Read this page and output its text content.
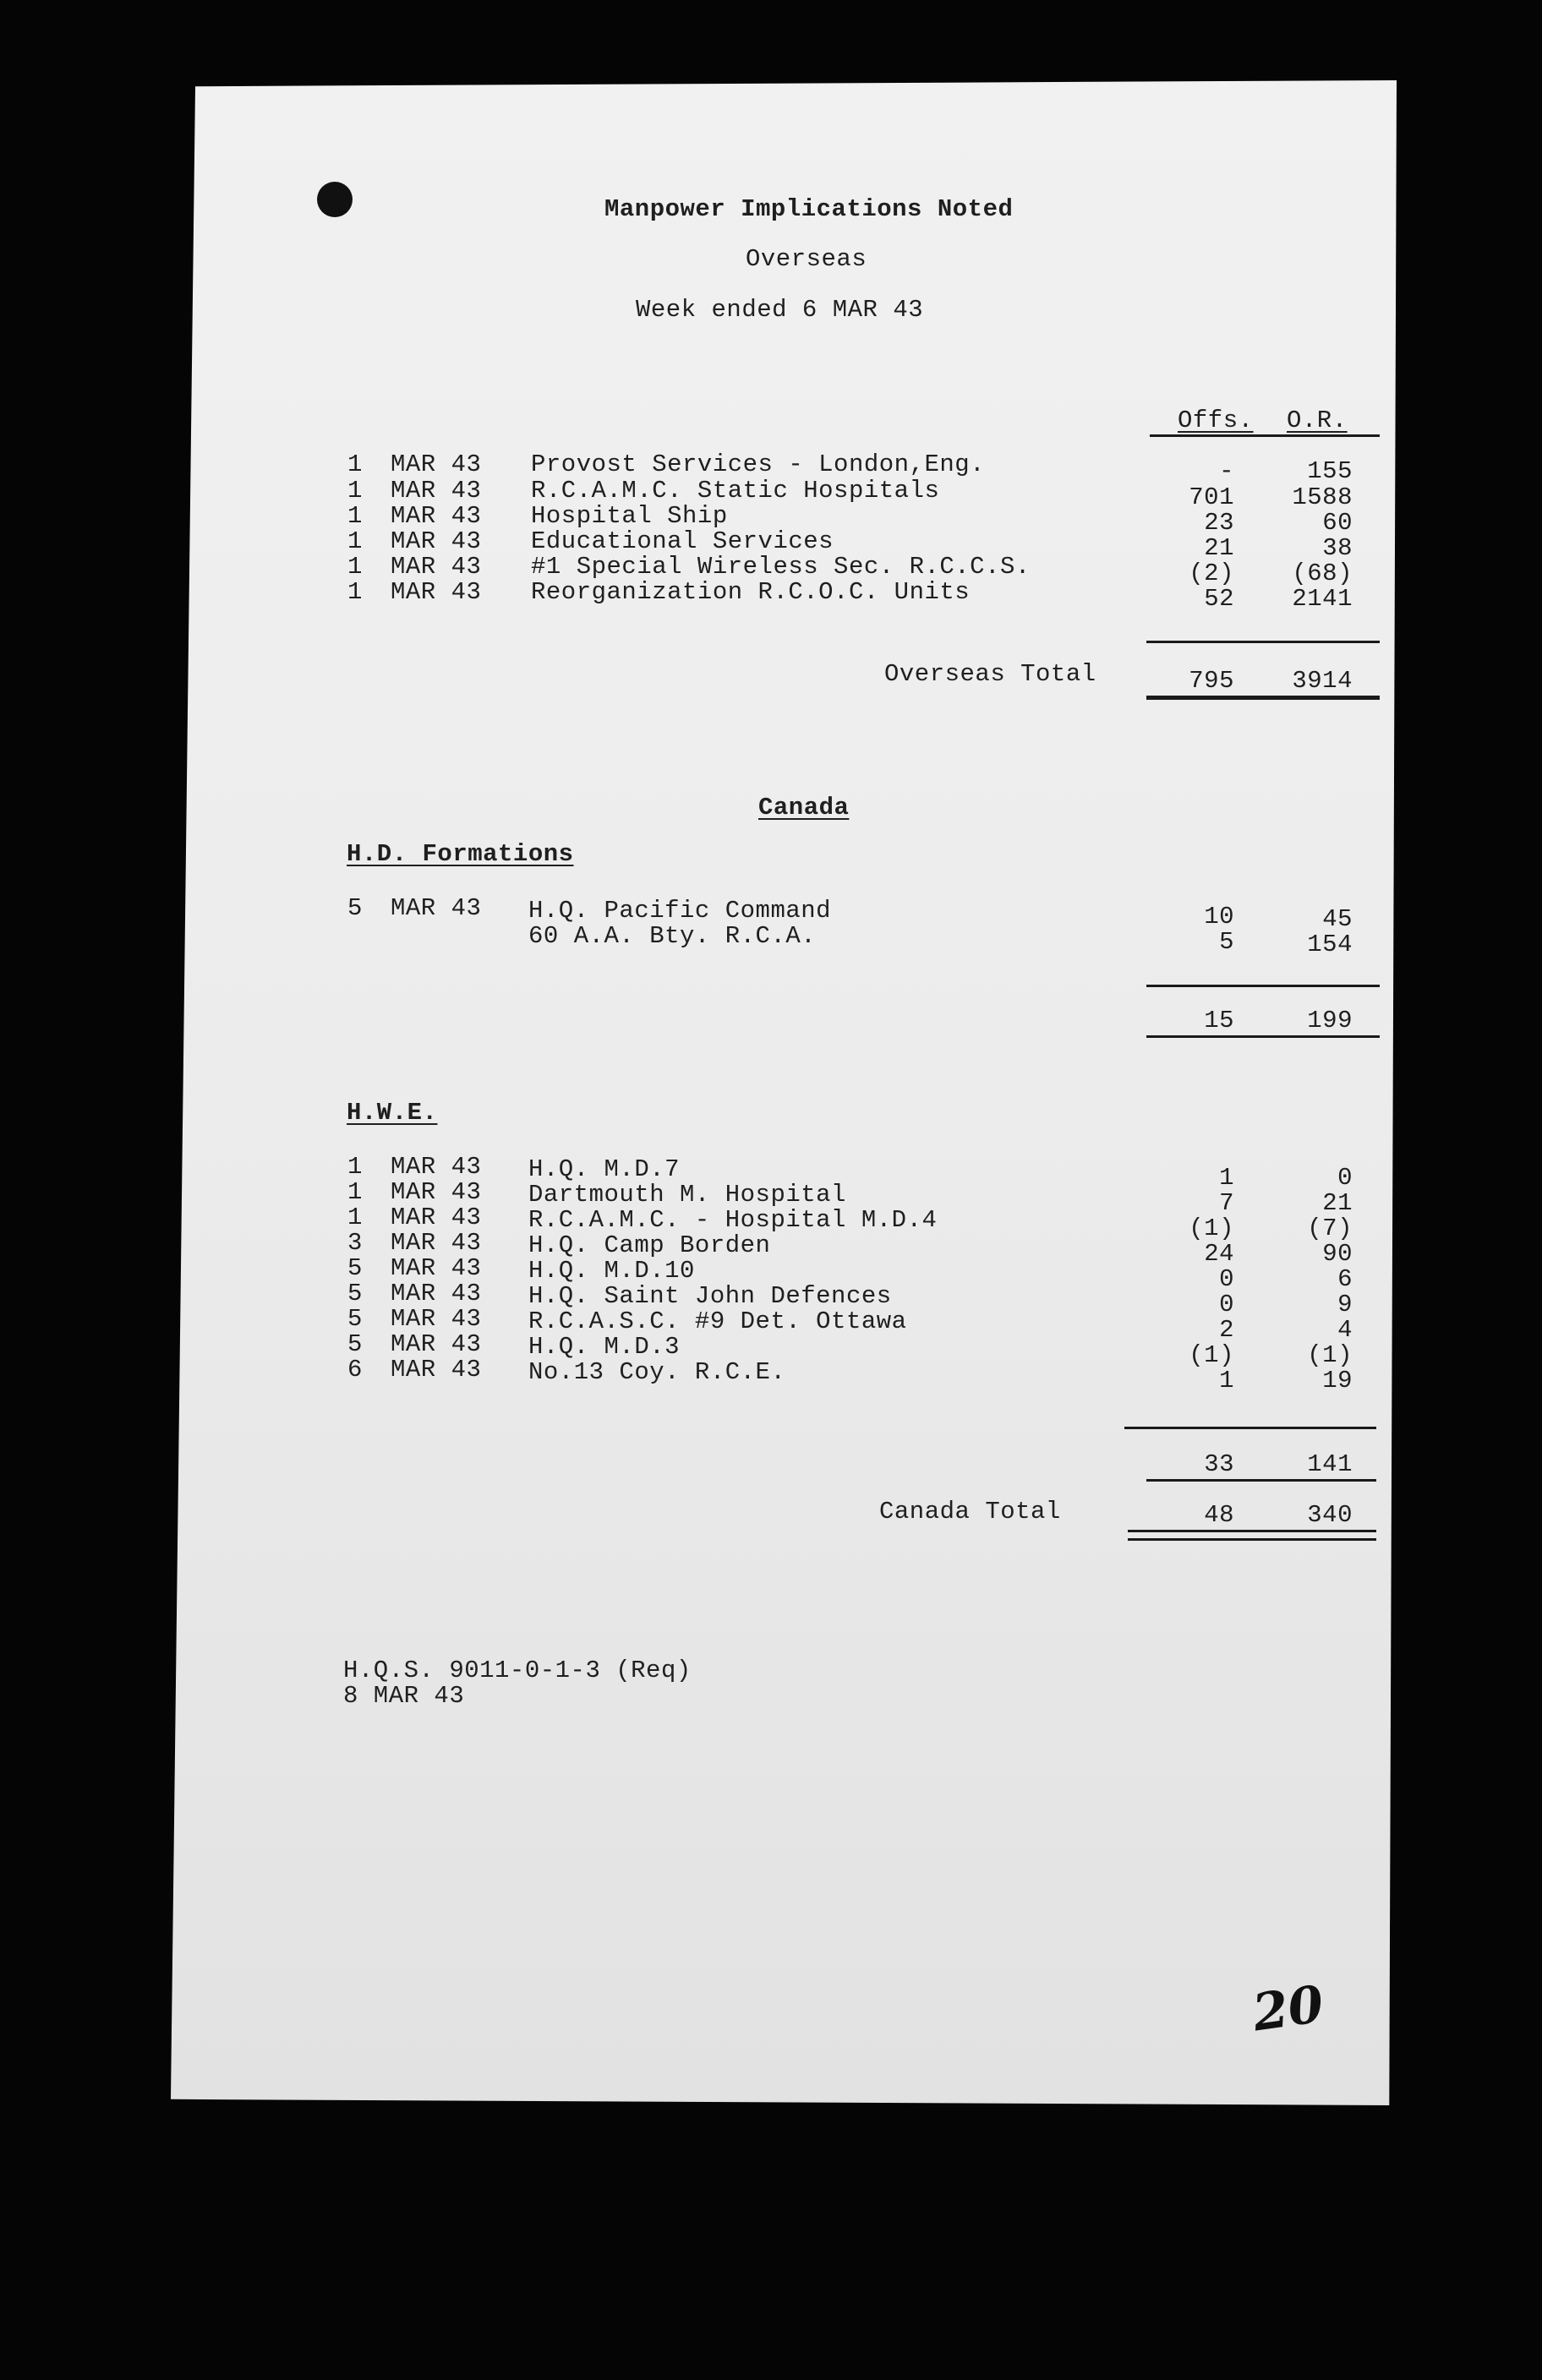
Manpower Implications Noted
Overseas
Week ended 6 MAR 43
Offs. O.R.
1 MAR 43 Provost Services - London,Eng.	-	155
1 MAR 43 R.C.A.M.C. Static Hospitals	701	1588
1 MAR 43 Hospital Ship	23	60
1 MAR 43 Educational Services	21	38
1 MAR 43 #1 Special Wireless Sec. R.C.C.S.	(2)	(68)
1 MAR 43 Reorganization R.C.O.C. Units	52	2141
Overseas Total	795	3914
Canada
H.D. Formations
5 MAR 43 H.Q. Pacific Command	10	45
60 A.A. Bty. R.C.A.	5	154
15	199
H.W.E.
1 MAR 43 H.Q. M.D.7	1	0
1 MAR 43 Dartmouth M. Hospital	7	21
1 MAR 43 R.C.A.M.C. - Hospital M.D.4	(1)	(7)
3 MAR 43 H.Q. Camp Borden	24	90
5 MAR 43 H.Q. M.D.10	0	6
5 MAR 43 H.Q. Saint John Defences	0	9
5 MAR 43 R.C.A.S.C. #9 Det. Ottawa	2	4
5 MAR 43 H.Q. M.D.3	(1)	(1)
6 MAR 43 No.13 Coy. R.C.E.	1	19
33	141
Canada Total	48	340
H.Q.S. 9011-0-1-3 (Req)
8 MAR 43
20
